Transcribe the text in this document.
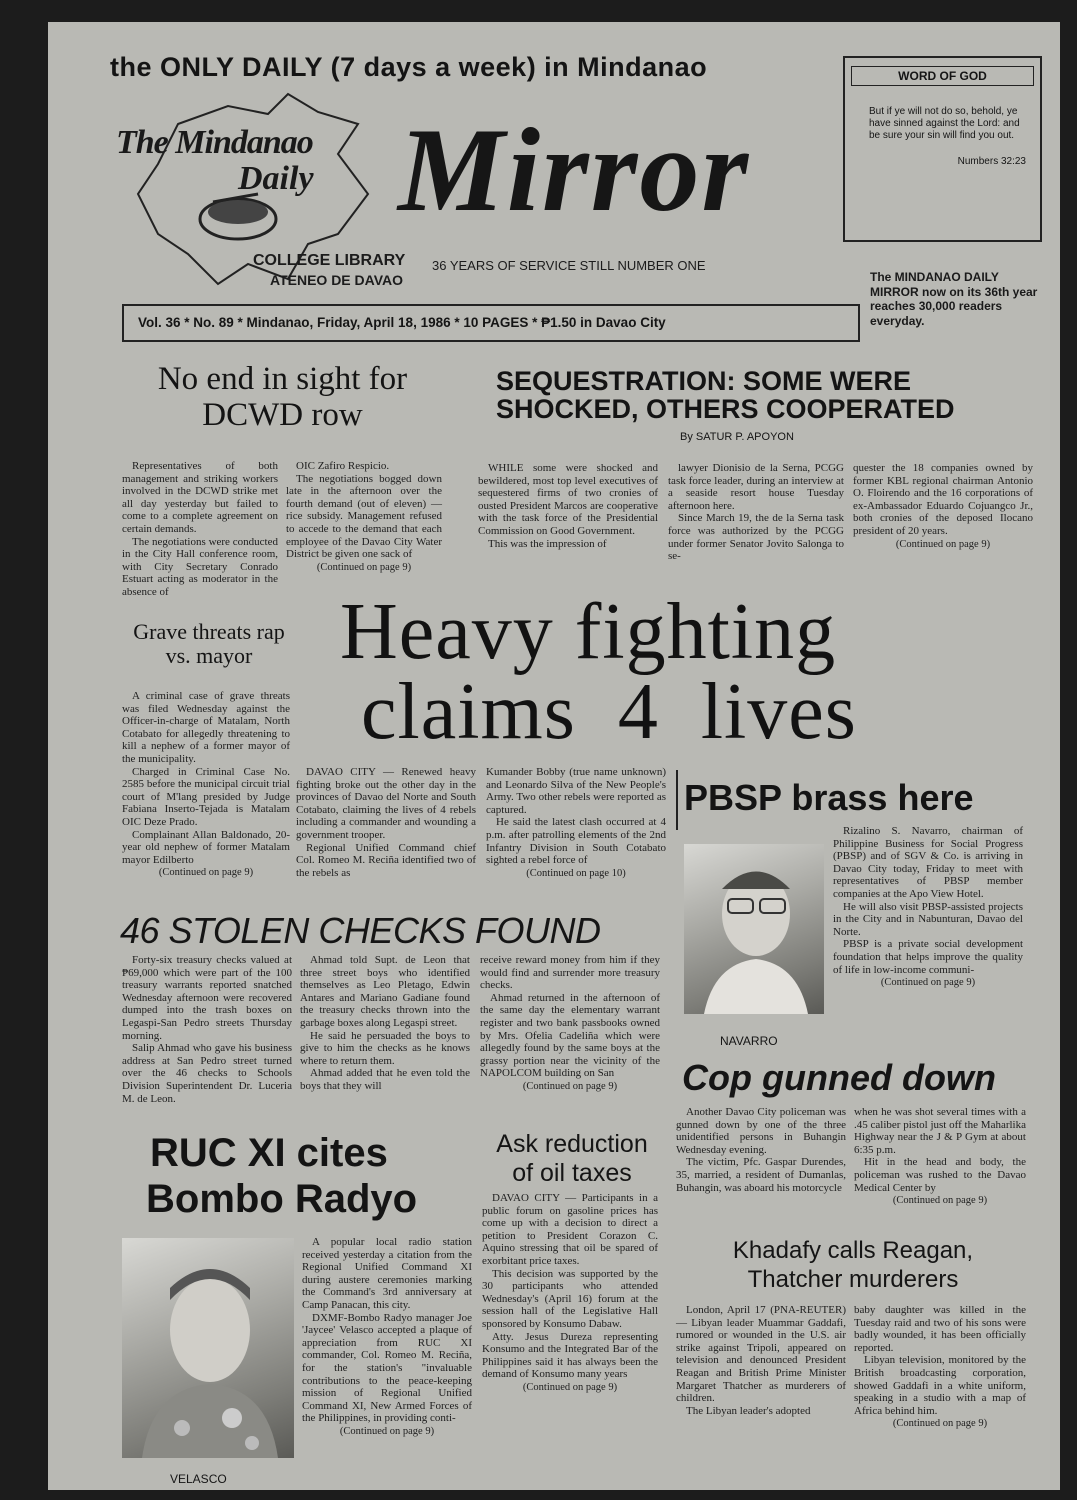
the ONLY DAILY (7 days a week) in Mindanao
The Mindanao
Daily Mirror
COLLEGE LIBRARY
ATENEO DE DAVAO
36 YEARS OF SERVICE STILL NUMBER ONE
WORD OF GOD
But if ye will not do so, behold, ye have sinned against the Lord: and be sure your sin will find you out.
Numbers 32:23
The MINDANAO DAILY MIRROR now on its 36th year reaches 30,000 readers everyday.
Vol. 36 * No. 89 * Mindanao, Friday, April 18, 1986 * 10 PAGES * ₱1.50 in Davao City
No end in sight for DCWD row

Representatives of both management and striking workers involved in the DCWD strike met all day yesterday but failed to come to a complete agreement on certain demands.

The negotiations were conducted in the City Hall conference room, with City Secretary Conrado Estuart acting as moderator in the absence of

OIC Zafiro Respicio.

The negotiations bogged down late in the afternoon over the fourth demand (out of eleven) — rice subsidy. Management refused to accede to the demand that each employee of the Davao City Water District be given one sack of

(Continued on page 9)
SEQUESTRATION: SOME WERE
SHOCKED, OTHERS COOPERATED
By SATUR P. APOYON

WHILE some were shocked and bewildered, most top level executives of sequestered firms of two cronies of ousted President Marcos are cooperative with the task force of the Presidential Commission on Good Government.

This was the impression of

lawyer Dionisio de la Serna, PCGG task force leader, during an interview at a seaside resort house Tuesday afternoon here.

Since March 19, the de la Serna task force was authorized by the PCGG under former Senator Jovito Salonga to se-

quester the 18 companies owned by former KBL regional chairman Antonio O. Floirendo and the 16 corporations of ex-Ambassador Eduardo Cojuangco Jr., both cronies of the deposed Ilocano president of 20 years.

(Continued on page 9)
Grave threats rap vs. mayor

A criminal case of grave threats was filed Wednesday against the Officer-in-charge of Matalam, North Cotabato for allegedly threatening to kill a nephew of a former mayor of the municipality.

Charged in Criminal Case No. 2585 before the municipal circuit trial court of M'lang presided by Judge Fabiana Inserto-Tejada is Matalam OIC Deze Prado.

Complainant Allan Baldonado, 20-year old nephew of former Matalam mayor Edilberto

(Continued on page 9)
Heavy fighting
claims  4  lives

DAVAO CITY — Renewed heavy fighting broke out the other day in the provinces of Davao del Norte and South Cotabato, claiming the lives of 4 rebels including a commander and wounding a government trooper.

Regional Unified Command chief Col. Romeo M. Reciña identified two of the rebels as

Kumander Bobby (true name unknown) and Leonardo Silva of the New People's Army. Two other rebels were reported as captured.

He said the latest clash occurred at 4 p.m. after patrolling elements of the 2nd Infantry Division in South Cotabato sighted a rebel force of

(Continued on page 10)
PBSP brass here
NAVARRO

Rizalino S. Navarro, chairman of Philippine Business for Social Progress (PBSP) and of SGV & Co. is arriving in Davao City today, Friday to meet with representatives of PBSP member companies at the Apo View Hotel.

He will also visit PBSP-assisted projects in the City and in Nabunturan, Davao del Norte.

PBSP is a private social development foundation that helps improve the quality of life in low-income communi-

(Continued on page 9)
46 STOLEN CHECKS FOUND

Forty-six treasury checks valued at ₱69,000 which were part of the 100 treasury warrants reported snatched Wednesday afternoon were recovered dumped into the trash boxes on Legaspi-San Pedro streets Thursday morning.

Salip Ahmad who gave his business address at San Pedro street turned over the 46 checks to Schools Division Superintendent Dr. Luceria M. de Leon.

Ahmad told Supt. de Leon that three street boys who identified themselves as Leo Pletago, Edwin Antares and Mariano Gadiane found the treasury checks thrown into the garbage boxes along Legaspi street.

He said he persuaded the boys to give to him the checks as he knows where to return them.

Ahmad added that he even told the boys that they will

receive reward money from him if they would find and surrender more treasury checks.

Ahmad returned in the afternoon of the same day the elementary warrant register and two bank passbooks owned by Mrs. Ofelia Cadeliña which were allegedly found by the same boys at the grassy portion near the vicinity of the NAPOLCOM building on San

(Continued on page 9)	Cop gunned down

Another Davao City policeman was gunned down by one of the three unidentified persons in Buhangin Wednesday evening.

The victim, Pfc. Gaspar Durendes, 35, married, a resident of Dumanlas, Buhangin, was aboard his motorcycle

when he was shot several times with a .45 caliber pistol just off the Maharlika Highway near the J & P Gym at about 6:35 p.m.

Hit in the head and body, the policeman was rushed to the Davao Medical Center by

(Continued on page 9)
RUC XI cites
Bombo Radyo
VELASCO

A popular local radio station received yesterday a citation from the Regional Unified Command XI during austere ceremonies marking the Command's 3rd anniversary at Camp Panacan, this city.

DXMF-Bombo Radyo manager Joe 'Jaycee' Velasco accepted a plaque of appreciation from RUC XI commander, Col. Romeo M. Reciña, for the station's "invaluable contributions to the peace-keeping mission of Regional Unified Command XI, New Armed Forces of the Philippines, in providing conti-

(Continued on page 9)
Ask reduction
of oil taxes

DAVAO CITY — Participants in a public forum on gasoline prices has come up with a decision to direct a petition to President Corazon C. Aquino stressing that oil be spared of exorbitant price taxes.

This decision was supported by the 30 participants who attended Wednesday's (April 16) forum at the session hall of the Legislative Hall sponsored by Konsumo Dabaw.

Atty. Jesus Dureza representing Konsumo and the Integrated Bar of the Philippines said it has always been the demand of Konsumo many years

(Continued on page 9)
Khadafy calls Reagan,
Thatcher murderers

London, April 17 (PNA-REUTER) — Libyan leader Muammar Gaddafi, rumored or wounded in the U.S. air strike against Tripoli, appeared on television and denounced President Reagan and British Prime Minister Margaret Thatcher as murderers of children.

The Libyan leader's adopted

baby daughter was killed in the Tuesday raid and two of his sons were badly wounded, it has been officially reported.

Libyan television, monitored by the British broadcasting corporation, showed Gaddafi in a white uniform, speaking in a studio with a map of Africa behind him.

(Continued on page 9)
